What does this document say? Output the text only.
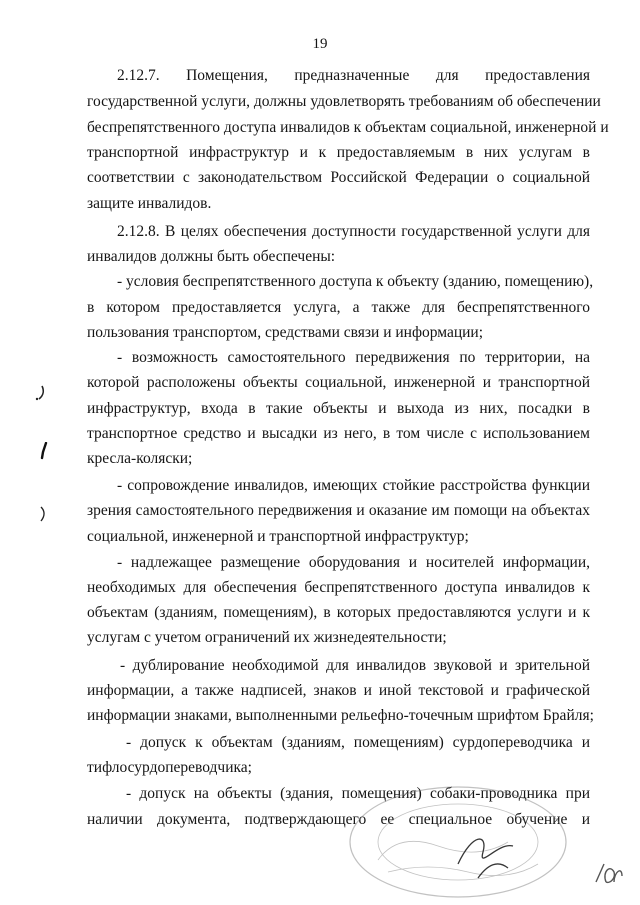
19
2.12.7. Помещения, предназначенные для предоставления
государственной услуги, должны удовлетворять требованиям об обеспечении
беспрепятственного доступа инвалидов к объектам социальной, инженерной и
транспортной инфраструктур и к предоставляемым в них услугам в
соответствии с законодательством Российской Федерации о социальной
защите инвалидов.
2.12.8. В целях обеспечения доступности государственной услуги для
инвалидов должны быть обеспечены:
- условия беспрепятственного доступа к объекту (зданию, помещению),
в котором предоставляется услуга, а также для беспрепятственного
пользования транспортом, средствами связи и информации;
- возможность самостоятельного передвижения по территории, на
которой расположены объекты социальной, инженерной и транспортной
инфраструктур, входа в такие объекты и выхода из них, посадки в
транспортное средство и высадки из него, в том числе с использованием
кресла-коляски;
- сопровождение инвалидов, имеющих стойкие расстройства функции
зрения самостоятельного передвижения и оказание им помощи на объектах
социальной, инженерной и транспортной инфраструктур;
- надлежащее размещение оборудования и носителей информации,
необходимых для обеспечения беспрепятственного доступа инвалидов к
объектам (зданиям, помещениям), в которых предоставляются услуги и к
услугам с учетом ограничений их жизнедеятельности;
- дублирование необходимой для инвалидов звуковой и зрительной
информации, а также надписей, знаков и иной текстовой и графической
информации знаками, выполненными рельефно-точечным шрифтом Брайля;
- допуск к объектам (зданиям, помещениям) сурдопереводчика и
тифлосурдопереводчика;
- допуск на объекты (здания, помещения) собаки-проводника при
наличии документа, подтверждающего ее специальное обучение и
